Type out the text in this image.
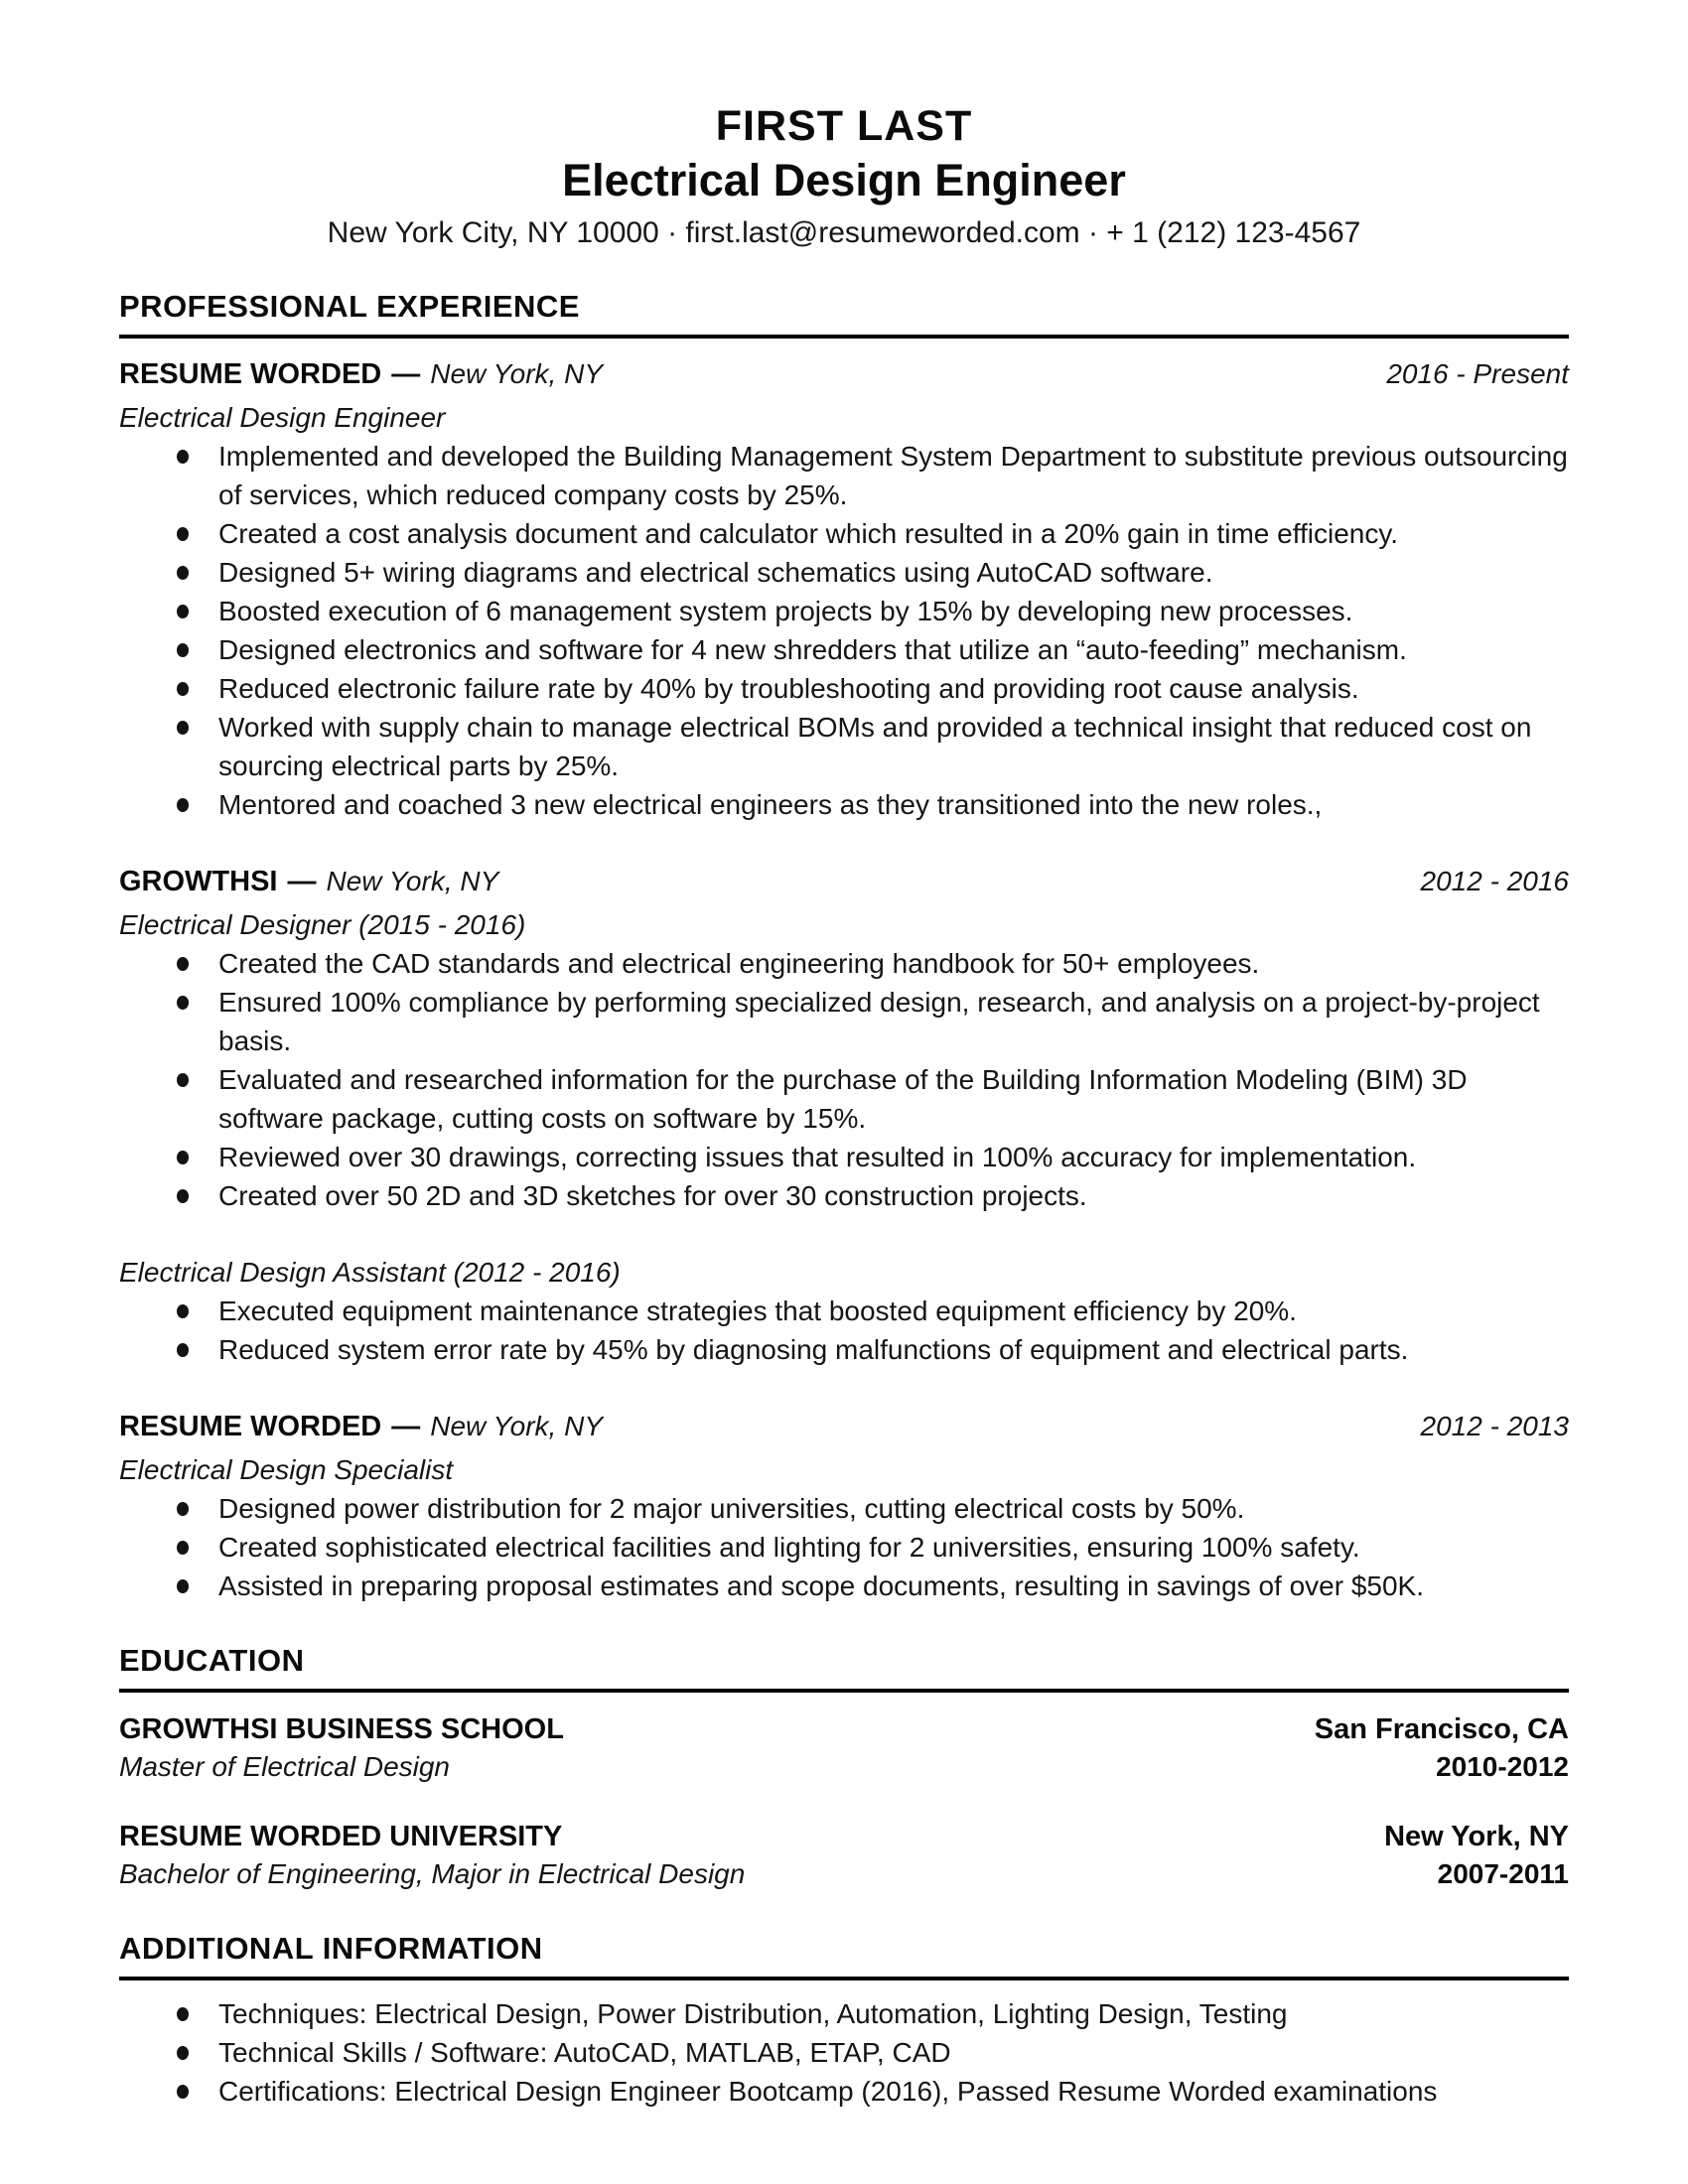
FIRST LAST
Electrical Design Engineer
New York City, NY 10000 · first.last@resumeworded.com · + 1 (212) 123-4567
PROFESSIONAL EXPERIENCE
RESUME WORDED — New York, NY	2016 - Present
Electrical Design Engineer
Implemented and developed the Building Management System Department to substitute previous outsourcing of services, which reduced company costs by 25%.
Created a cost analysis document and calculator which resulted in a 20% gain in time efficiency.
Designed 5+ wiring diagrams and electrical schematics using AutoCAD software.
Boosted execution of 6 management system projects by 15% by developing new processes.
Designed electronics and software for 4 new shredders that utilize an “auto-feeding” mechanism.
Reduced electronic failure rate by 40% by troubleshooting and providing root cause analysis.
Worked with supply chain to manage electrical BOMs and provided a technical insight that reduced cost on sourcing electrical parts by 25%.
Mentored and coached 3 new electrical engineers as they transitioned into the new roles.,
GROWTHSI — New York, NY	2012 - 2016
Electrical Designer (2015 - 2016)
Created the CAD standards and electrical engineering handbook for 50+ employees.
Ensured 100% compliance by performing specialized design, research, and analysis on a project-by-project basis.
Evaluated and researched information for the purchase of the Building Information Modeling (BIM) 3D software package, cutting costs on software by 15%.
Reviewed over 30 drawings, correcting issues that resulted in 100% accuracy for implementation.
Created over 50 2D and 3D sketches for over 30 construction projects.
Electrical Design Assistant (2012 - 2016)
Executed equipment maintenance strategies that boosted equipment efficiency by 20%.
Reduced system error rate by 45% by diagnosing malfunctions of equipment and electrical parts.
RESUME WORDED — New York, NY	2012 - 2013
Electrical Design Specialist
Designed power distribution for 2 major universities, cutting electrical costs by 50%.
Created sophisticated electrical facilities and lighting for 2 universities, ensuring 100% safety.
Assisted in preparing proposal estimates and scope documents, resulting in savings of over $50K.
EDUCATION
GROWTHSI BUSINESS SCHOOL	San Francisco, CA
Master of Electrical Design	2010-2012
RESUME WORDED UNIVERSITY	New York, NY
Bachelor of Engineering, Major in Electrical Design	2007-2011
ADDITIONAL INFORMATION
Techniques: Electrical Design, Power Distribution, Automation, Lighting Design, Testing
Technical Skills / Software: AutoCAD, MATLAB, ETAP, CAD
Certifications: Electrical Design Engineer Bootcamp (2016), Passed Resume Worded examinations
